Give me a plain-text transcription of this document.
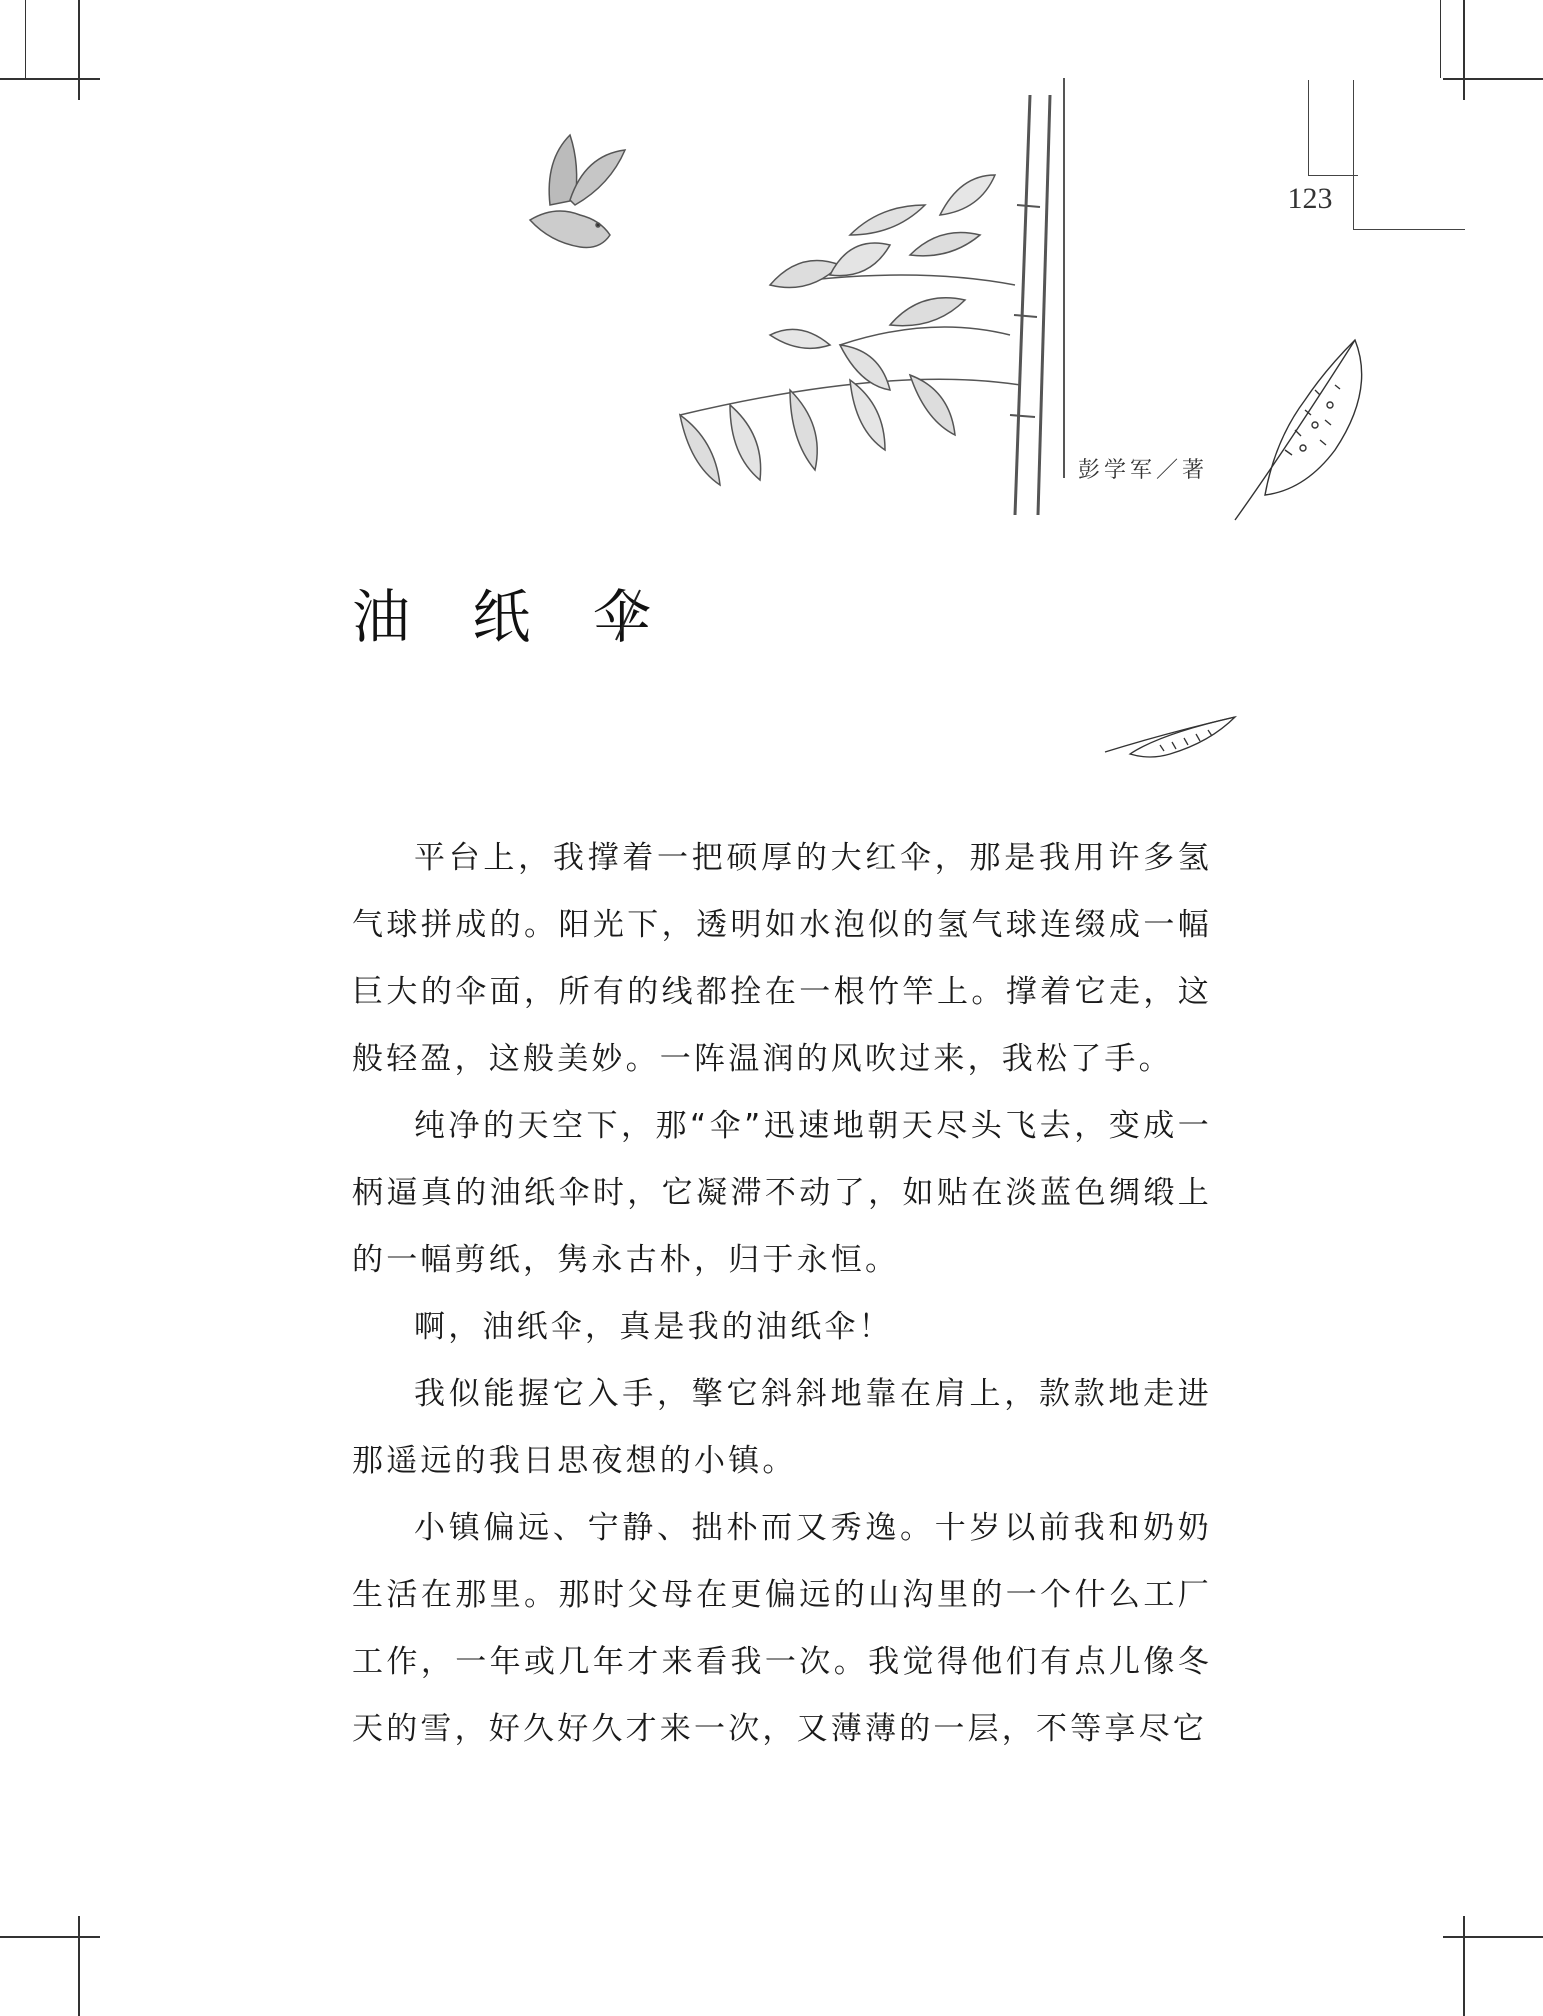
123
彭学军／著
油 纸 伞

平台上，我撑着一把硕厚的大红伞，那是我用许多氢气球拼成的。阳光下，透明如水泡似的氢气球连缀成一幅巨大的伞面，所有的线都拴在一根竹竿上。撑着它走，这般轻盈，这般美妙。一阵温润的风吹过来，我松了手。

纯净的天空下，那“伞”迅速地朝天尽头飞去，变成一柄逼真的油纸伞时，它凝滞不动了，如贴在淡蓝色绸缎上的一幅剪纸，隽永古朴，归于永恒。

啊，油纸伞，真是我的油纸伞！

我似能握它入手，擎它斜斜地靠在肩上，款款地走进那遥远的我日思夜想的小镇。

小镇偏远、宁静、拙朴而又秀逸。十岁以前我和奶奶生活在那里。那时父母在更偏远的山沟里的一个什么工厂工作，一年或几年才来看我一次。我觉得他们有点儿像冬天的雪，好久好久才来一次，又薄薄的一层，不等享尽它
